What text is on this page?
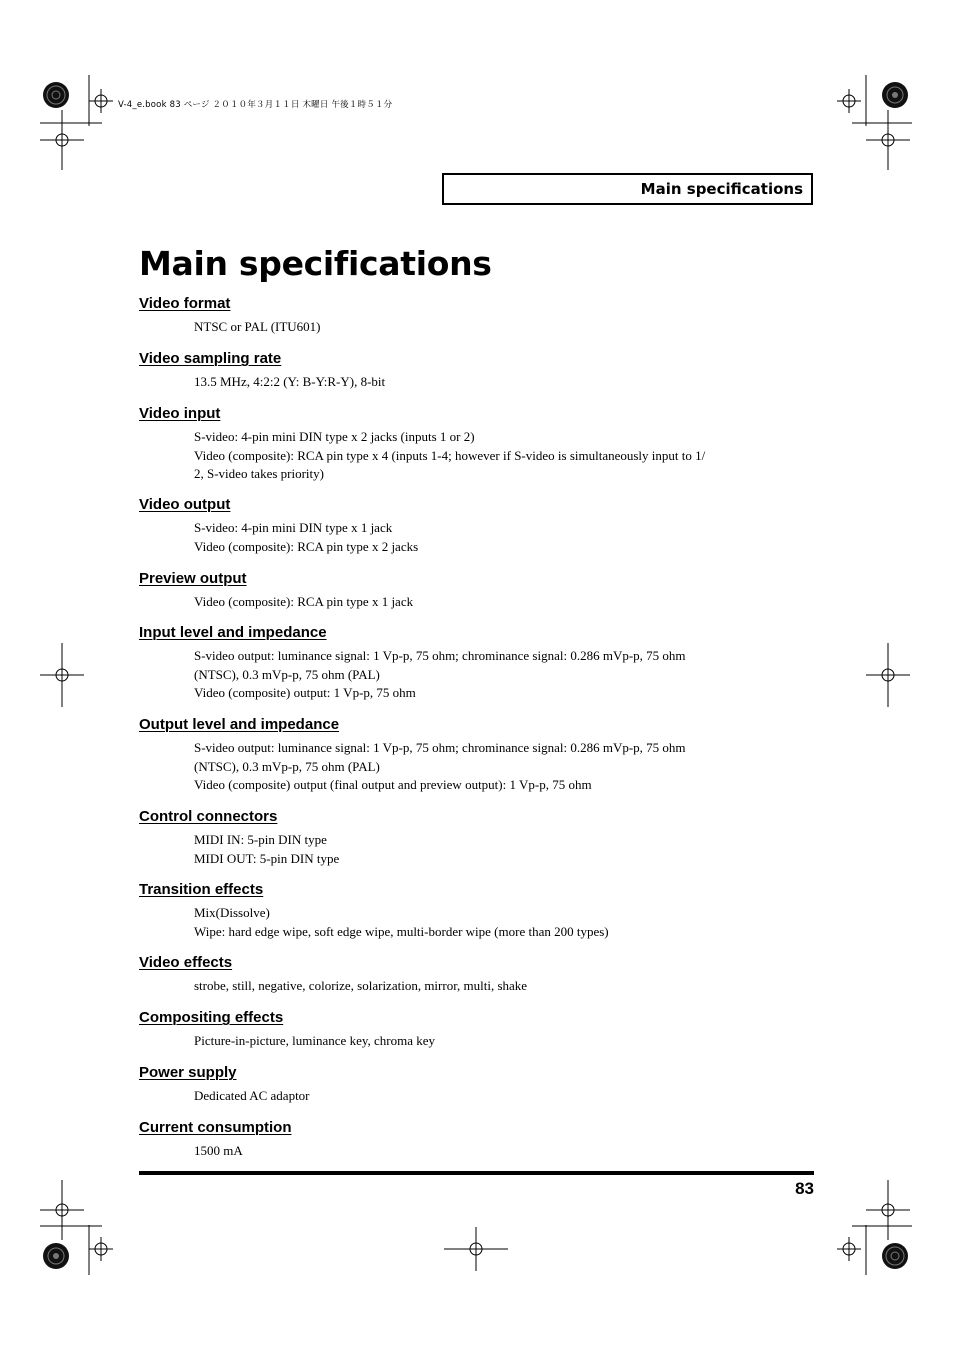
V-4_e.book 83 ページ ２０１０年３月１１日 木曜日 午後１時５１分
Main specifications
Main specifications
Video format
NTSC or PAL (ITU601)
Video sampling rate
13.5 MHz, 4:2:2 (Y: B-Y:R-Y), 8-bit
Video input
S-video: 4-pin mini DIN type x 2 jacks (inputs 1 or 2)
Video (composite): RCA pin type x 4 (inputs 1-4; however if S-video is simultaneously input to 1/
2, S-video takes priority)
Video output
S-video: 4-pin mini DIN type x 1 jack
Video (composite): RCA pin type x 2 jacks
Preview output
Video (composite): RCA pin type x 1 jack
Input level and impedance
S-video output: luminance signal: 1 Vp-p, 75 ohm; chrominance signal: 0.286 mVp-p, 75 ohm
(NTSC), 0.3 mVp-p, 75 ohm (PAL)
Video (composite) output: 1 Vp-p, 75 ohm
Output level and impedance
S-video output: luminance signal: 1 Vp-p, 75 ohm; chrominance signal: 0.286 mVp-p, 75 ohm
(NTSC), 0.3 mVp-p, 75 ohm (PAL)
Video (composite) output (final output and preview output): 1 Vp-p, 75 ohm
Control connectors
MIDI IN: 5-pin DIN type
MIDI OUT: 5-pin DIN type
Transition effects
Mix(Dissolve)
Wipe: hard edge wipe, soft edge wipe, multi-border wipe (more than 200 types)
Video effects
strobe, still, negative, colorize, solarization, mirror, multi, shake
Compositing effects
Picture-in-picture, luminance key, chroma key
Power supply
Dedicated AC adaptor
Current consumption
1500 mA
83
